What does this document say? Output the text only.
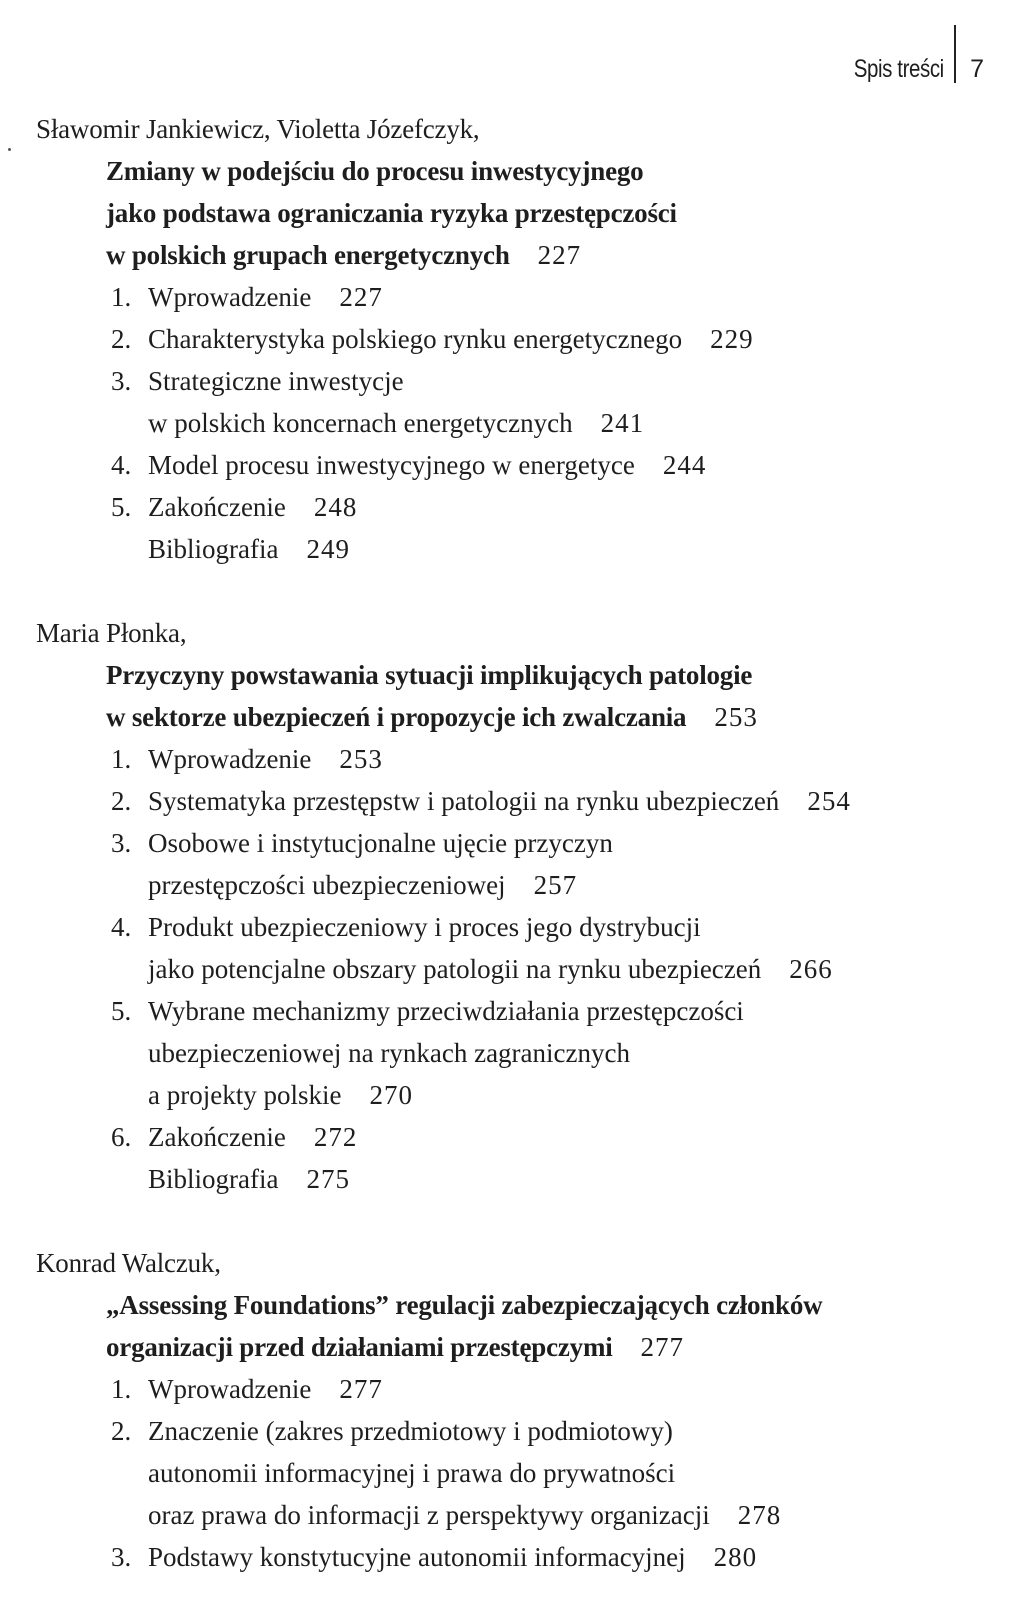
Spis treści 7
Sławomir Jankiewicz, Violetta Józefczyk,
Zmiany w podejściu do procesu inwestycyjnego
jako podstawa ograniczania ryzyka przestępczości
w polskich grupach energetycznych 227
1. Wprowadzenie 227
2. Charakterystyka polskiego rynku energetycznego 229
3. Strategiczne inwestycje
w polskich koncernach energetycznych 241
4. Model procesu inwestycyjnego w energetyce 244
5. Zakończenie 248
Bibliografia 249
Maria Płonka,
Przyczyny powstawania sytuacji implikujących patologie
w sektorze ubezpieczeń i propozycje ich zwalczania 253
1. Wprowadzenie 253
2. Systematyka przestępstw i patologii na rynku ubezpieczeń 254
3. Osobowe i instytucjonalne ujęcie przyczyn
przestępczości ubezpieczeniowej 257
4. Produkt ubezpieczeniowy i proces jego dystrybucji
jako potencjalne obszary patologii na rynku ubezpieczeń 266
5. Wybrane mechanizmy przeciwdziałania przestępczości
ubezpieczeniowej na rynkach zagranicznych
a projekty polskie 270
6. Zakończenie 272
Bibliografia 275
Konrad Walczuk,
„Assessing Foundations” regulacji zabezpieczających członków
organizacji przed działaniami przestępczymi 277
1. Wprowadzenie 277
2. Znaczenie (zakres przedmiotowy i podmiotowy)
autonomii informacyjnej i prawa do prywatności
oraz prawa do informacji z perspektywy organizacji 278
3. Podstawy konstytucyjne autonomii informacyjnej 280
